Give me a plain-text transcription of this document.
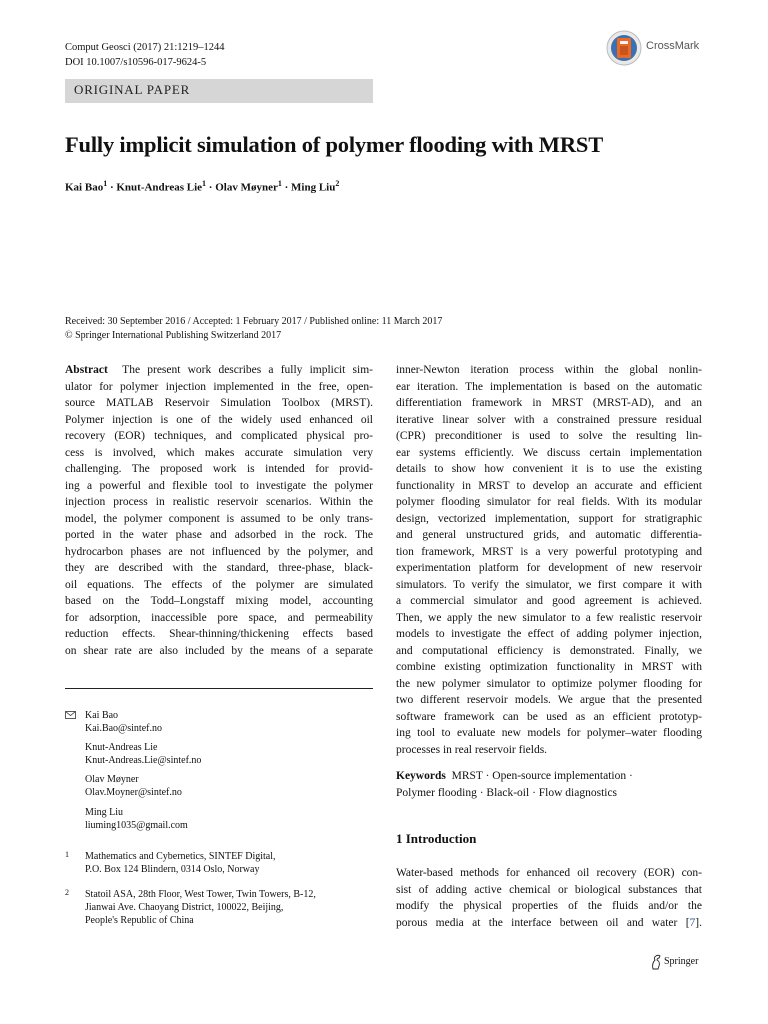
Comput Geosci (2017) 21:1219–1244
DOI 10.1007/s10596-017-9624-5
CrossMark
ORIGINAL PAPER
Fully implicit simulation of polymer flooding with MRST
Kai Bao$^1$ · Knut-Andreas Lie$^1$ · Olav Møyner$^1$ · Ming Liu$^2$
Received: 30 September 2016 / Accepted: 1 February 2017 / Published online: 11 March 2017
© Springer International Publishing Switzerland 2017
Abstract The present work describes a fully implicit sim-
ulator for polymer injection implemented in the free, open-
source MATLAB Reservoir Simulation Toolbox (MRST).
Polymer injection is one of the widely used enhanced oil
recovery (EOR) techniques, and complicated physical pro-
cess is involved, which makes accurate simulation very
challenging. The proposed work is intended for provid-
ing a powerful and flexible tool to investigate the polymer
injection process in realistic reservoir scenarios. Within the
model, the polymer component is assumed to be only trans-
ported in the water phase and adsorbed in the rock. The
hydrocarbon phases are not influenced by the polymer, and
they are described with the standard, three-phase, black-
oil equations. The effects of the polymer are simulated
based on the Todd–Longstaff mixing model, accounting
for adsorption, inaccessible pore space, and permeability
reduction effects. Shear-thinning/thickening effects based
on shear rate are also included by the means of a separate
inner-Newton iteration process within the global nonlin-
ear iteration. The implementation is based on the automatic
differentiation framework in MRST (MRST-AD), and an
iterative linear solver with a constrained pressure residual
(CPR) preconditioner is used to solve the resulting lin-
ear systems efficiently. We discuss certain implementation
details to show how convenient it is to use the existing
functionality in MRST to develop an accurate and efficient
polymer flooding simulator for real fields. With its modular
design, vectorized implementation, support for stratigraphic
and general unstructured grids, and automatic differentia-
tion framework, MRST is a very powerful prototyping and
experimentation platform for development of new reservoir
simulators. To verify the simulator, we first compare it with
a commercial simulator and good agreement is achieved.
Then, we apply the new simulator to a few realistic reservoir
models to investigate the effect of adding polymer injection,
and computational efficiency is demonstrated. Finally, we
combine existing optimization functionality in MRST with
the new polymer simulator to optimize polymer flooding for
two different reservoir models. We argue that the presented
software framework can be used as an efficient prototyp-
ing tool to evaluate new models for polymer–water flooding
processes in real reservoir fields.
Kai Bao
Kai.Bao@sintef.no
Knut-Andreas Lie
Knut-Andreas.Lie@sintef.no
Olav Møyner
Olav.Moyner@sintef.no
Ming Liu
liuming1035@gmail.com
1 Mathematics and Cybernetics, SINTEF Digital,
P.O. Box 124 Blindern, 0314 Oslo, Norway
2 Statoil ASA, 28th Floor, West Tower, Twin Towers, B-12,
Jianwai Ave. Chaoyang District, 100022, Beijing,
People's Republic of China
Keywords MRST · Open-source implementation ·
Polymer flooding · Black-oil · Flow diagnostics
1 Introduction
Water-based methods for enhanced oil recovery (EOR) con-
sist of adding active chemical or biological substances that
modify the physical properties of the fluids and/or the
porous media at the interface between oil and water [7].
Springer
